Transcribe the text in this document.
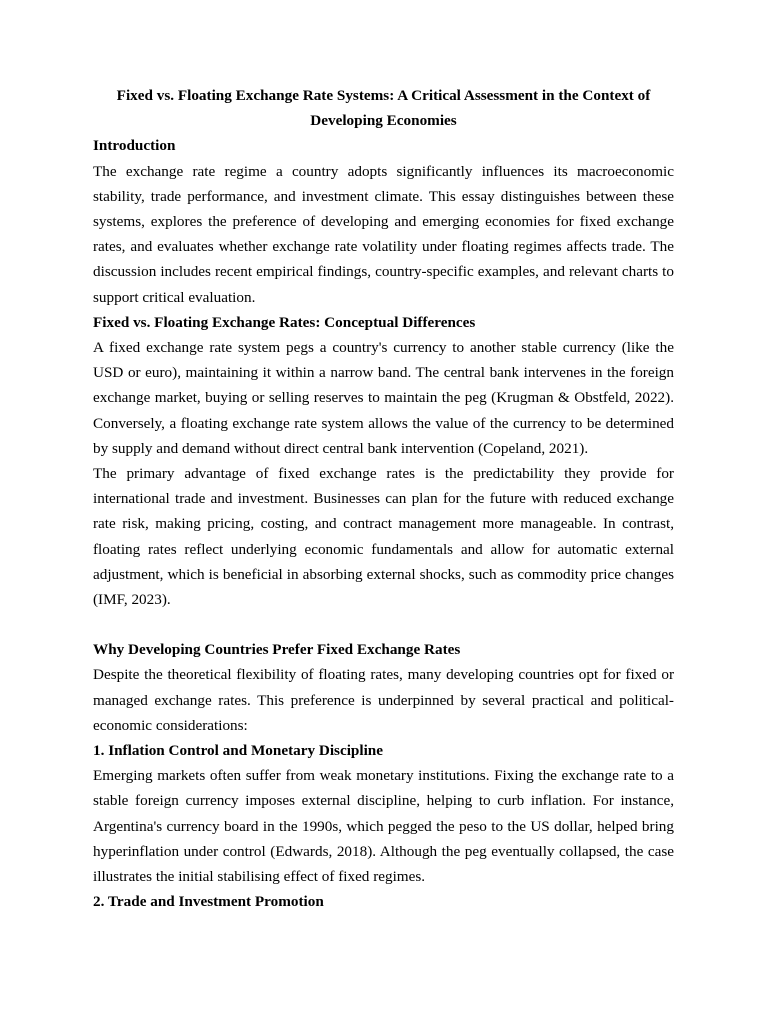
Fixed vs. Floating Exchange Rate Systems: A Critical Assessment in the Context of Developing Economies

Introduction

The exchange rate regime a country adopts significantly influences its macroeconomic stability, trade performance, and investment climate. This essay distinguishes between these systems, explores the preference of developing and emerging economies for fixed exchange rates, and evaluates whether exchange rate volatility under floating regimes affects trade. The discussion includes recent empirical findings, country-specific examples, and relevant charts to support critical evaluation.

Fixed vs. Floating Exchange Rates: Conceptual Differences

A fixed exchange rate system pegs a country's currency to another stable currency (like the USD or euro), maintaining it within a narrow band. The central bank intervenes in the foreign exchange market, buying or selling reserves to maintain the peg (Krugman & Obstfeld, 2022). Conversely, a floating exchange rate system allows the value of the currency to be determined by supply and demand without direct central bank intervention (Copeland, 2021).

The primary advantage of fixed exchange rates is the predictability they provide for international trade and investment. Businesses can plan for the future with reduced exchange rate risk, making pricing, costing, and contract management more manageable. In contrast, floating rates reflect underlying economic fundamentals and allow for automatic external adjustment, which is beneficial in absorbing external shocks, such as commodity price changes (IMF, 2023).

Why Developing Countries Prefer Fixed Exchange Rates

Despite the theoretical flexibility of floating rates, many developing countries opt for fixed or managed exchange rates. This preference is underpinned by several practical and political-economic considerations:

1. Inflation Control and Monetary Discipline

Emerging markets often suffer from weak monetary institutions. Fixing the exchange rate to a stable foreign currency imposes external discipline, helping to curb inflation. For instance, Argentina's currency board in the 1990s, which pegged the peso to the US dollar, helped bring hyperinflation under control (Edwards, 2018). Although the peg eventually collapsed, the case illustrates the initial stabilising effect of fixed regimes.

2. Trade and Investment Promotion
